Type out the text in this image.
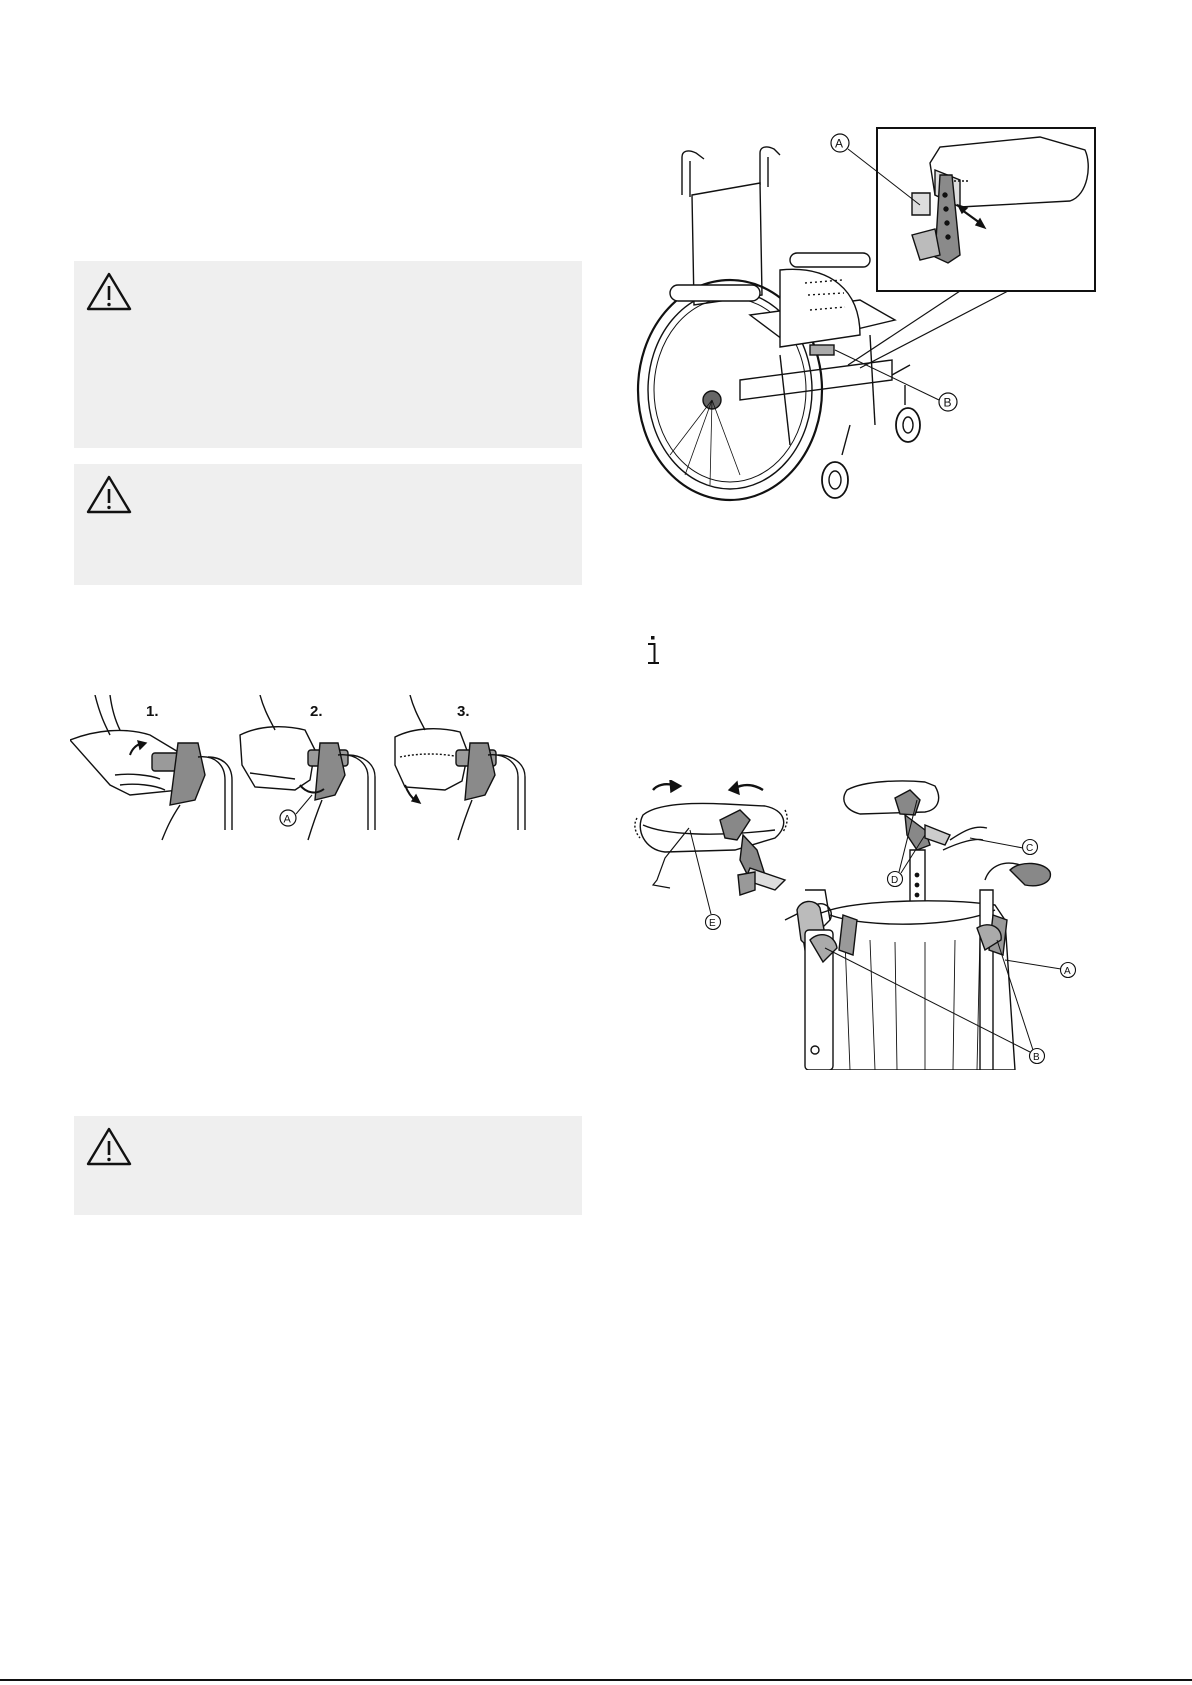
1.	2.	3.
A
A
B
E
D
C
A
B
